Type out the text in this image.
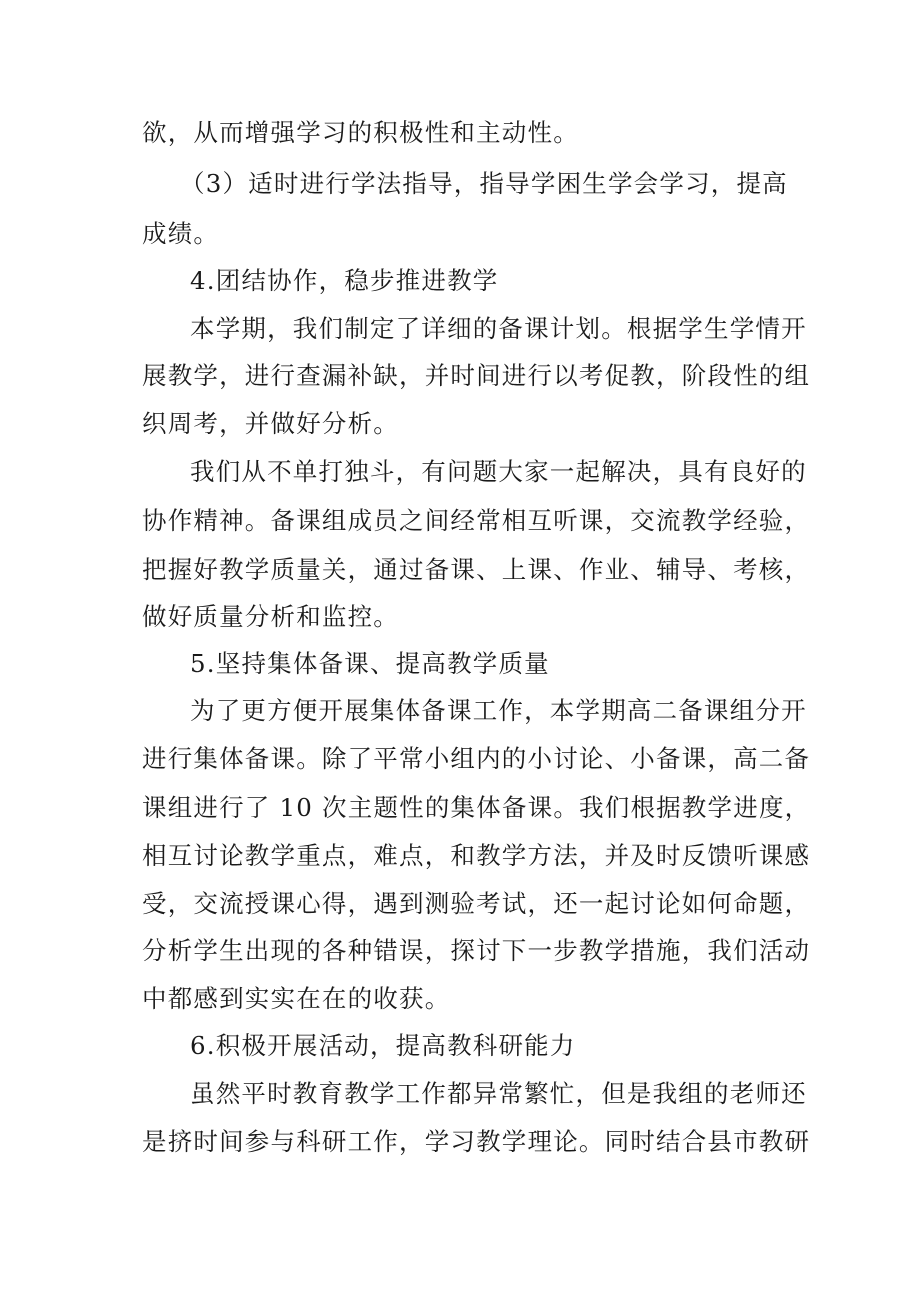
欲，从而增强学习的积极性和主动性。
（3）适时进行学法指导，指导学困生学会学习，提高
成绩。
4.团结协作，稳步推进教学
本学期，我们制定了详细的备课计划。根据学生学情开
展教学，进行查漏补缺，并时间进行以考促教，阶段性的组
织周考，并做好分析。
我们从不单打独斗，有问题大家一起解决，具有良好的
协作精神。备课组成员之间经常相互听课，交流教学经验，
把握好教学质量关，通过备课、上课、作业、辅导、考核，
做好质量分析和监控。
5.坚持集体备课、提高教学质量
为了更方便开展集体备课工作，本学期高二备课组分开
进行集体备课。除了平常小组内的小讨论、小备课，高二备
课组进行了 10 次主题性的集体备课。我们根据教学进度，
相互讨论教学重点，难点，和教学方法，并及时反馈听课感
受，交流授课心得，遇到测验考试，还一起讨论如何命题，
分析学生出现的各种错误，探讨下一步教学措施，我们活动
中都感到实实在在的收获。
6.积极开展活动，提高教科研能力
虽然平时教育教学工作都异常繁忙，但是我组的老师还
是挤时间参与科研工作，学习教学理论。同时结合县市教研
